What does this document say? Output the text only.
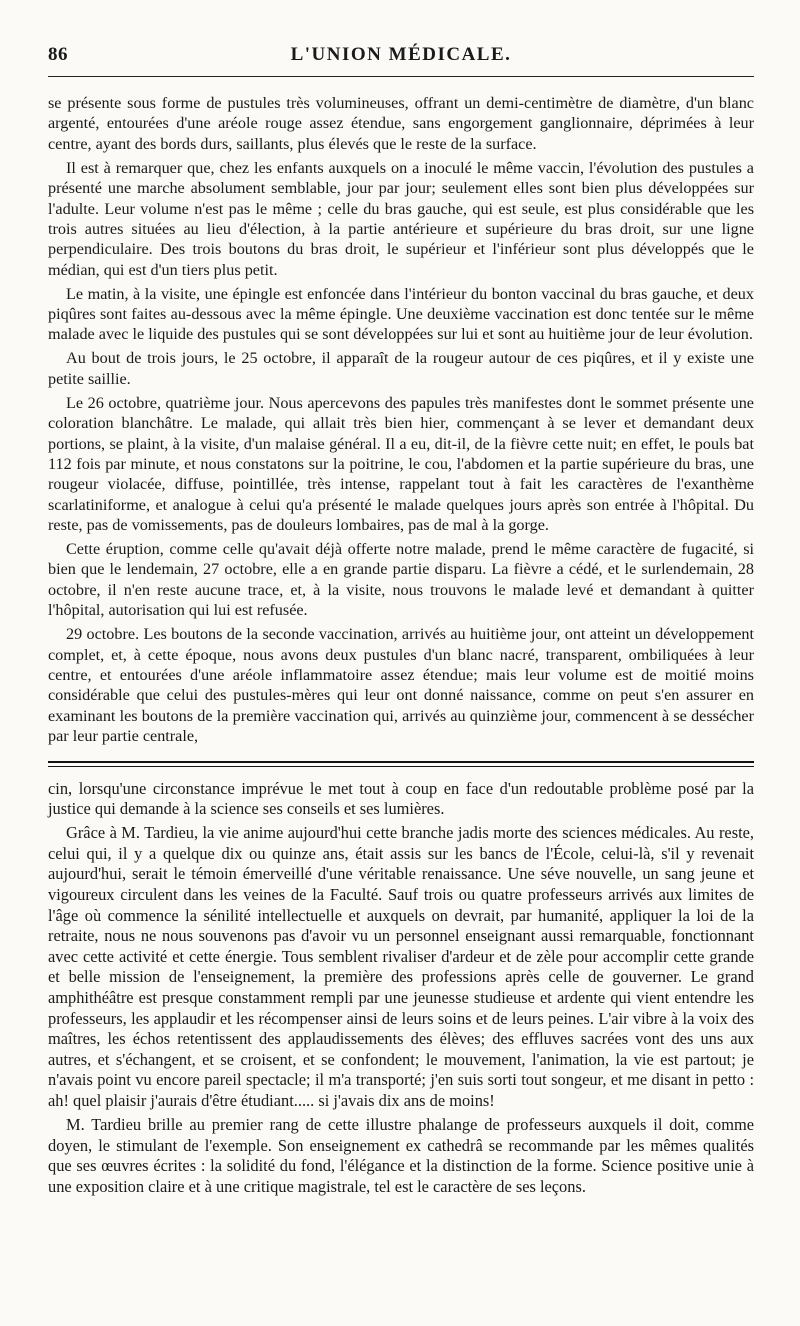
86	L'UNION MÉDICALE.

se présente sous forme de pustules très volumineuses, offrant un demi-centimètre de diamètre, d'un blanc argenté, entourées d'une aréole rouge assez étendue, sans engorgement ganglionnaire, déprimées à leur centre, ayant des bords durs, saillants, plus élevés que le reste de la surface.

Il est à remarquer que, chez les enfants auxquels on a inoculé le même vaccin, l'évolution des pustules a présenté une marche absolument semblable, jour par jour; seulement elles sont bien plus développées sur l'adulte. Leur volume n'est pas le même ; celle du bras gauche, qui est seule, est plus considérable que les trois autres situées au lieu d'élection, à la partie antérieure et supérieure du bras droit, sur une ligne perpendiculaire. Des trois boutons du bras droit, le supérieur et l'inférieur sont plus développés que le médian, qui est d'un tiers plus petit.

Le matin, à la visite, une épingle est enfoncée dans l'intérieur du bonton vaccinal du bras gauche, et deux piqûres sont faites au-dessous avec la même épingle. Une deuxième vaccination est donc tentée sur le même malade avec le liquide des pustules qui se sont développées sur lui et sont au huitième jour de leur évolution.

Au bout de trois jours, le 25 octobre, il apparaît de la rougeur autour de ces piqûres, et il y existe une petite saillie.

Le 26 octobre, quatrième jour. Nous apercevons des papules très manifestes dont le sommet présente une coloration blanchâtre. Le malade, qui allait très bien hier, commençant à se lever et demandant deux portions, se plaint, à la visite, d'un malaise général. Il a eu, dit-il, de la fièvre cette nuit; en effet, le pouls bat 112 fois par minute, et nous constatons sur la poitrine, le cou, l'abdomen et la partie supérieure du bras, une rougeur violacée, diffuse, pointillée, très intense, rappelant tout à fait les caractères de l'exanthème scarlatiniforme, et analogue à celui qu'a présenté le malade quelques jours après son entrée à l'hôpital. Du reste, pas de vomissements, pas de douleurs lombaires, pas de mal à la gorge.

Cette éruption, comme celle qu'avait déjà offerte notre malade, prend le même caractère de fugacité, si bien que le lendemain, 27 octobre, elle a en grande partie disparu. La fièvre a cédé, et le surlendemain, 28 octobre, il n'en reste aucune trace, et, à la visite, nous trouvons le malade levé et demandant à quitter l'hôpital, autorisation qui lui est refusée.

29 octobre. Les boutons de la seconde vaccination, arrivés au huitième jour, ont atteint un développement complet, et, à cette époque, nous avons deux pustules d'un blanc nacré, transparent, ombiliquées à leur centre, et entourées d'une aréole inflammatoire assez étendue; mais leur volume est de moitié moins considérable que celui des pustules-mères qui leur ont donné naissance, comme on peut s'en assurer en examinant les boutons de la première vaccination qui, arrivés au quinzième jour, commencent à se dessécher par leur partie centrale,

cin, lorsqu'une circonstance imprévue le met tout à coup en face d'un redoutable problème posé par la justice qui demande à la science ses conseils et ses lumières.

Grâce à M. Tardieu, la vie anime aujourd'hui cette branche jadis morte des sciences médicales. Au reste, celui qui, il y a quelque dix ou quinze ans, était assis sur les bancs de l'École, celui-là, s'il y revenait aujourd'hui, serait le témoin émerveillé d'une véritable renaissance. Une séve nouvelle, un sang jeune et vigoureux circulent dans les veines de la Faculté. Sauf trois ou quatre professeurs arrivés aux limites de l'âge où commence la sénilité intellectuelle et auxquels on devrait, par humanité, appliquer la loi de la retraite, nous ne nous souvenons pas d'avoir vu un personnel enseignant aussi remarquable, fonctionnant avec cette activité et cette énergie. Tous semblent rivaliser d'ardeur et de zèle pour accomplir cette grande et belle mission de l'enseignement, la première des professions après celle de gouverner. Le grand amphithéâtre est presque constamment rempli par une jeunesse studieuse et ardente qui vient entendre les professeurs, les applaudir et les récompenser ainsi de leurs soins et de leurs peines. L'air vibre à la voix des maîtres, les échos retentissent des applaudissements des élèves; des effluves sacrées vont des uns aux autres, et s'échangent, et se croisent, et se confondent; le mouvement, l'animation, la vie est partout; je n'avais point vu encore pareil spectacle; il m'a transporté; j'en suis sorti tout songeur, et me disant in petto : ah! quel plaisir j'aurais d'être étudiant..... si j'avais dix ans de moins!

M. Tardieu brille au premier rang de cette illustre phalange de professeurs auxquels il doit, comme doyen, le stimulant de l'exemple. Son enseignement ex cathedrâ se recommande par les mêmes qualités que ses œuvres écrites : la solidité du fond, l'élégance et la distinction de la forme. Science positive unie à une exposition claire et à une critique magistrale, tel est le caractère de ses leçons.
